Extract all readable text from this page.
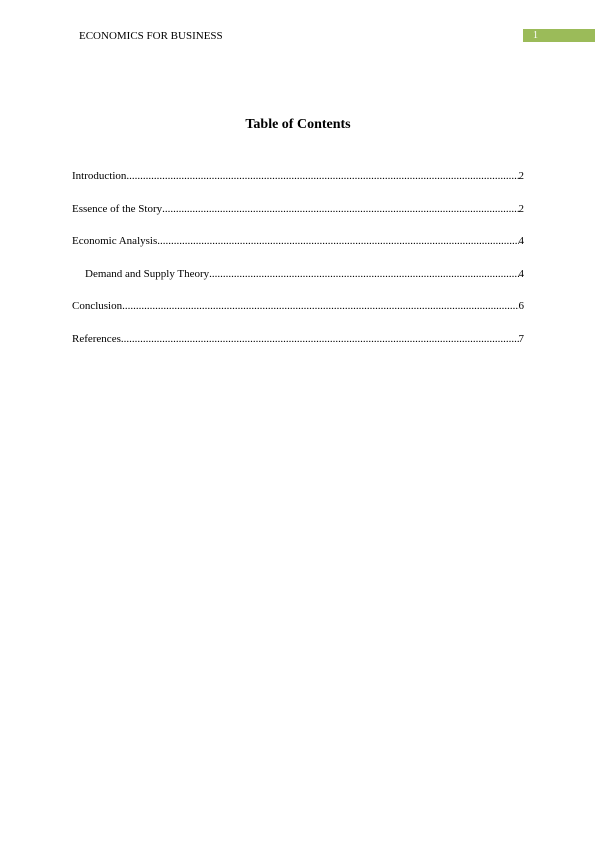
ECONOMICS FOR BUSINESS	1
Table of Contents
Introduction .....	2
Essence of the Story .....	2
Economic Analysis .....	4
Demand and Supply Theory .....	4
Conclusion .....	6
References .....	7
